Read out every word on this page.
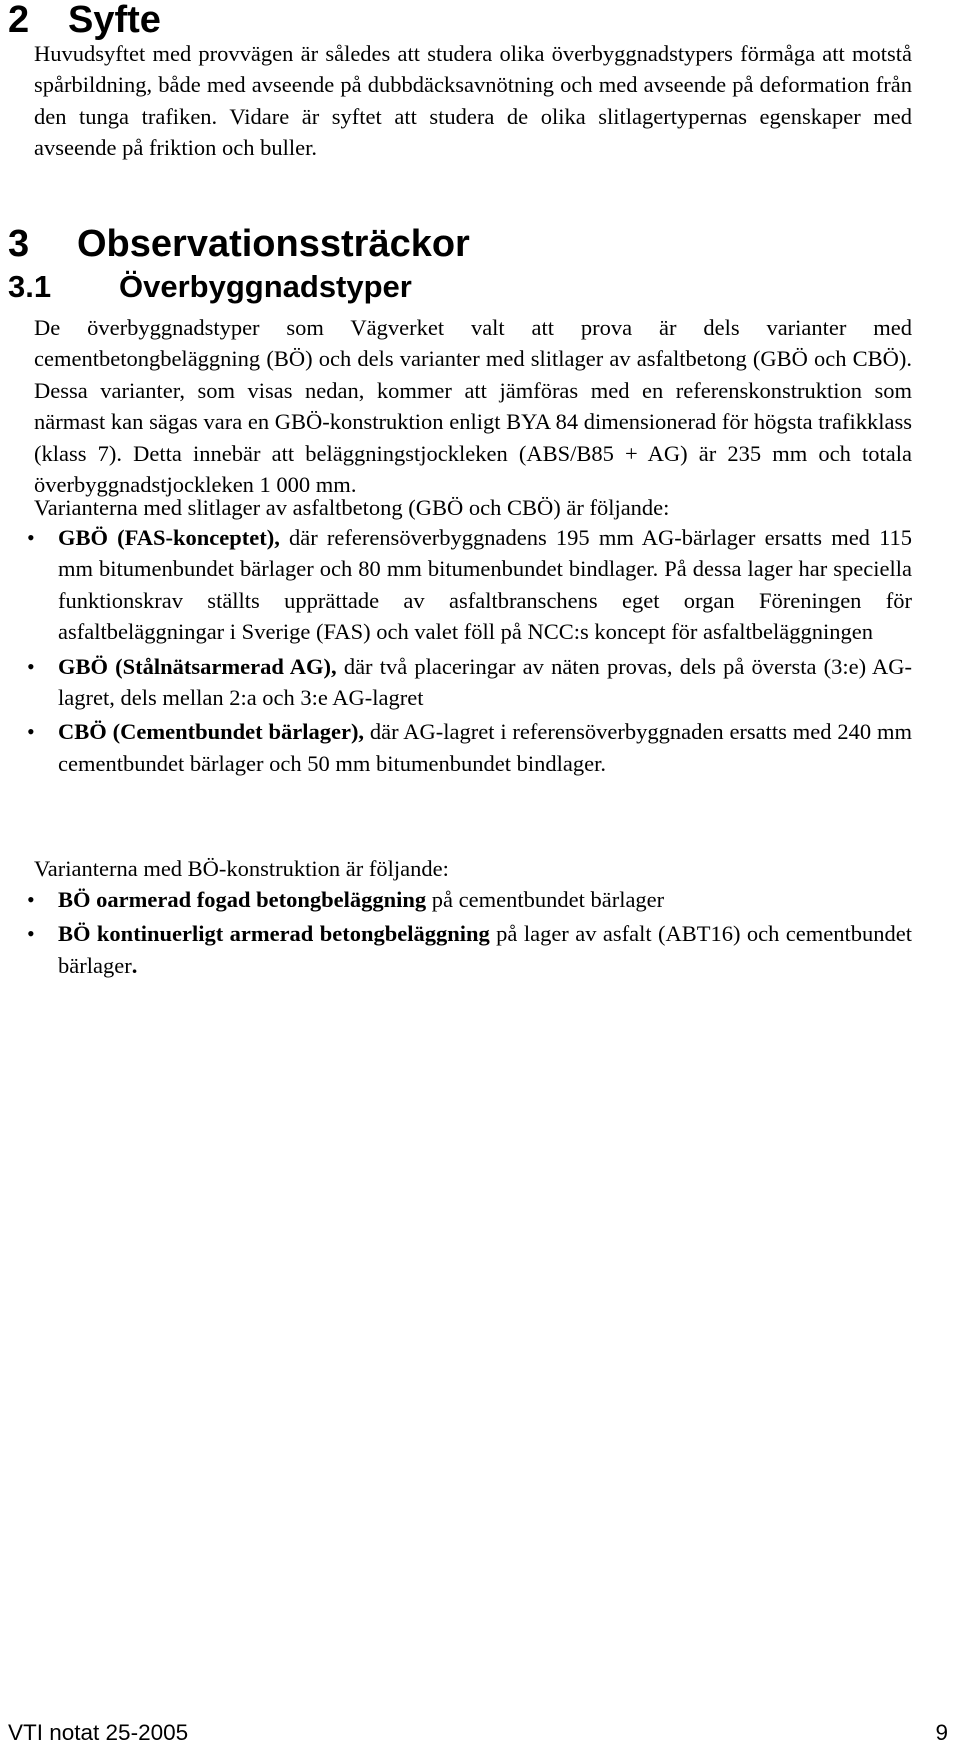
2	Syfte

Huvudsyftet med provvägen är således att studera olika överbyggnadstypers förmåga att motstå spårbildning, både med avseende på dubbdäcksavnötning och med avseende på deformation från den tunga trafiken. Vidare är syftet att studera de olika slitlagertypernas egenskaper med avseende på friktion och buller.

3	Observationssträckor
3.1	Överbyggnadstyper

De överbyggnadstyper som Vägverket valt att prova är dels varianter med cementbetongbeläggning (BÖ) och dels varianter med slitlager av asfaltbetong (GBÖ och CBÖ). Dessa varianter, som visas nedan, kommer att jämföras med en referenskonstruktion som närmast kan sägas vara en GBÖ-konstruktion enligt BYA 84 dimensionerad för högsta trafikklass (klass 7). Detta innebär att beläggningstjockleken (ABS/B85 + AG) är 235 mm och totala överbyggnadstjockleken 1 000 mm.

Varianterna med slitlager av asfaltbetong (GBÖ och CBÖ) är följande:

•	GBÖ (FAS-konceptet), där referensöverbyggnadens 195 mm AG-bärlager ersatts med 115 mm bitumenbundet bärlager och 80 mm bitumenbundet bindlager. På dessa lager har speciella funktionskrav ställts upprättade av asfaltbranschens eget organ Föreningen för asfaltbeläggningar i Sverige (FAS) och valet föll på NCC:s koncept för asfaltbeläggningen
•	GBÖ (Stålnätsarmerad AG), där två placeringar av näten provas, dels på översta (3:e) AG-lagret, dels mellan 2:a och 3:e AG-lagret
•	CBÖ (Cementbundet bärlager), där AG-lagret i referensöverbyggnaden ersatts med 240 mm cementbundet bärlager och 50 mm bitumenbundet bindlager.

Varianterna med BÖ-konstruktion är följande:

•	BÖ oarmerad fogad betongbeläggning på cementbundet bärlager
•	BÖ kontinuerligt armerad betongbeläggning på lager av asfalt (ABT16) och cementbundet bärlager.
VTI notat 25-2005	9
